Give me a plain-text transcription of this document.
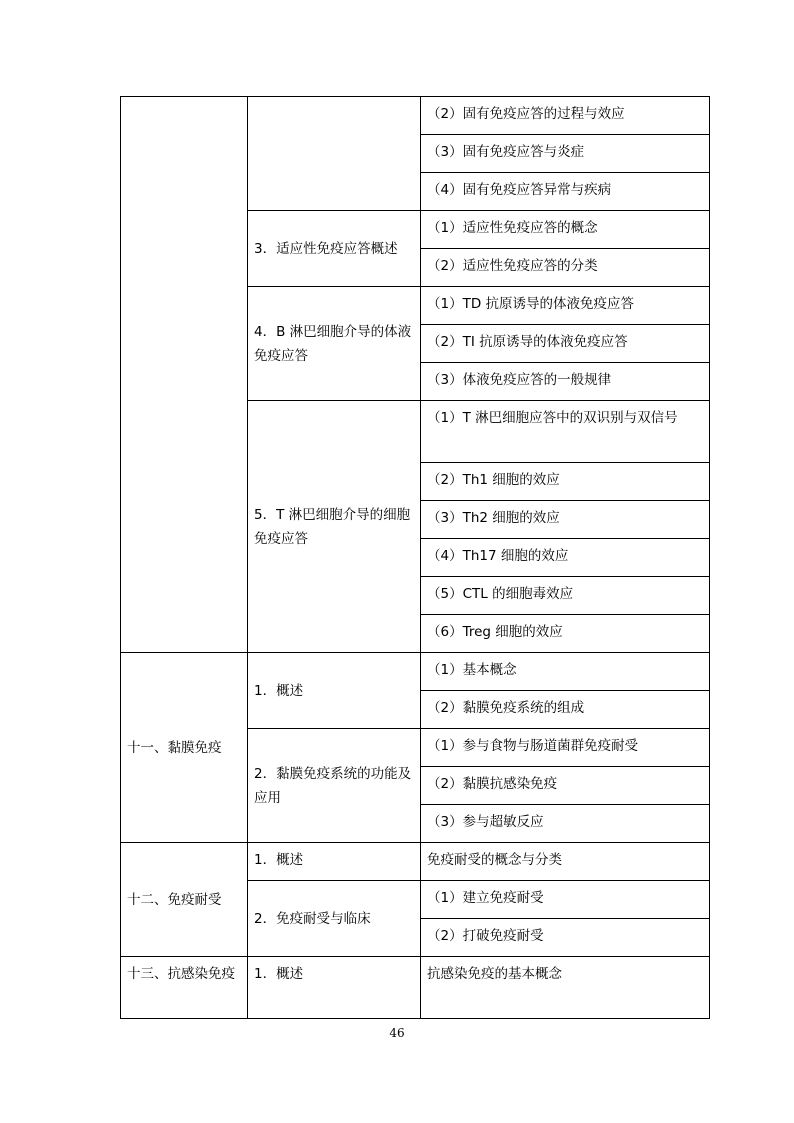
		（2）固有免疫应答的过程与效应
		（3）固有免疫应答与炎症
		（4）固有免疫应答异常与疾病
	3．适应性免疫应答概述	（1）适应性免疫应答的概念
		（2）适应性免疫应答的分类
	4．B 淋巴细胞介导的体液免疫应答	（1）TD 抗原诱导的体液免疫应答
		（2）TI 抗原诱导的体液免疫应答
		（3）体液免疫应答的一般规律
	5．T 淋巴细胞介导的细胞免疫应答	（1）T 淋巴细胞应答中的双识别与双信号
		（2）Th1 细胞的效应
		（3）Th2 细胞的效应
		（4）Th17 细胞的效应
		（5）CTL 的细胞毒效应
		（6）Treg 细胞的效应
十一、黏膜免疫	1．概述	（1）基本概念
		（2）黏膜免疫系统的组成
	2．黏膜免疫系统的功能及应用	（1）参与食物与肠道菌群免疫耐受
		（2）黏膜抗感染免疫
		（3）参与超敏反应
十二、免疫耐受	1．概述	免疫耐受的概念与分类
	2．免疫耐受与临床	（1）建立免疫耐受
		（2）打破免疫耐受
十三、抗感染免疫	1．概述	抗感染免疫的基本概念
46
